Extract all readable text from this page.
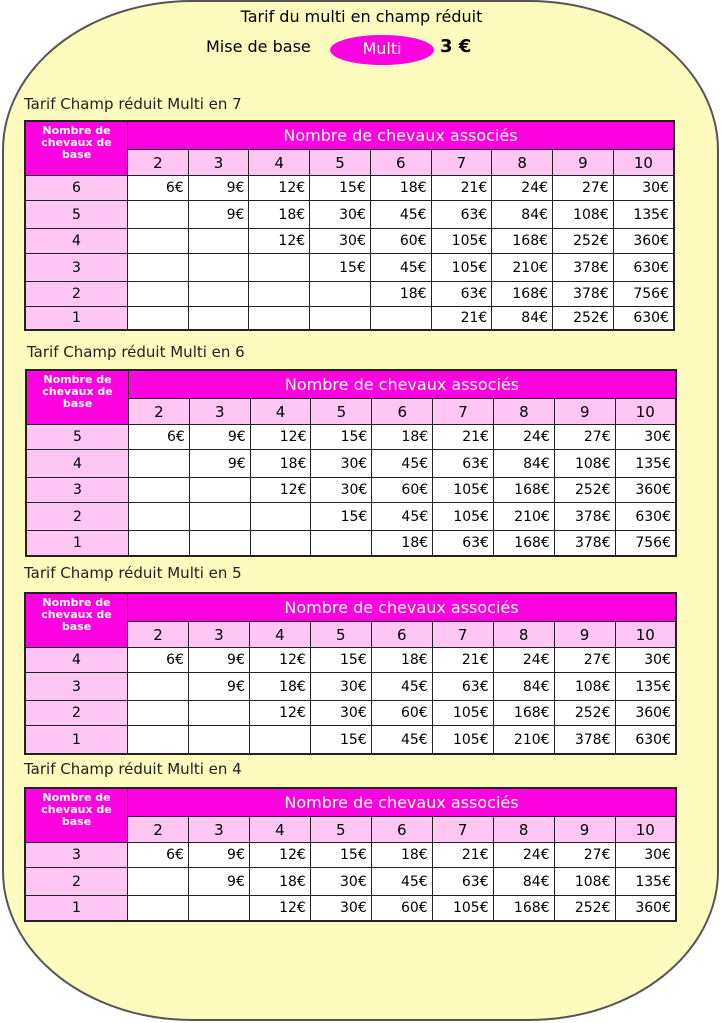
Tarif du multi en champ réduit
Mise de base	Multi	3 €
Tarif Champ réduit Multi en 7
Nombre de chevaux de base	Nombre de chevaux associés								
	2	3	4	5	6	7	8	9	10
6	6€	9€	12€	15€	18€	21€	24€	27€	30€
5		9€	18€	30€	45€	63€	84€	108€	135€
4			12€	30€	60€	105€	168€	252€	360€
3				15€	45€	105€	210€	378€	630€
2					18€	63€	168€	378€	756€
1						21€	84€	252€	630€
Tarif Champ réduit Multi en 6
Nombre de chevaux de base	Nombre de chevaux associés								
	2	3	4	5	6	7	8	9	10
5	6€	9€	12€	15€	18€	21€	24€	27€	30€
4		9€	18€	30€	45€	63€	84€	108€	135€
3			12€	30€	60€	105€	168€	252€	360€
2				15€	45€	105€	210€	378€	630€
1					18€	63€	168€	378€	756€
Tarif Champ réduit Multi en 5
Nombre de chevaux de base	Nombre de chevaux associés								
	2	3	4	5	6	7	8	9	10
4	6€	9€	12€	15€	18€	21€	24€	27€	30€
3		9€	18€	30€	45€	63€	84€	108€	135€
2			12€	30€	60€	105€	168€	252€	360€
1				15€	45€	105€	210€	378€	630€
Tarif Champ réduit Multi en 4
Nombre de chevaux de base	Nombre de chevaux associés								
	2	3	4	5	6	7	8	9	10
3	6€	9€	12€	15€	18€	21€	24€	27€	30€
2		9€	18€	30€	45€	63€	84€	108€	135€
1			12€	30€	60€	105€	168€	252€	360€
